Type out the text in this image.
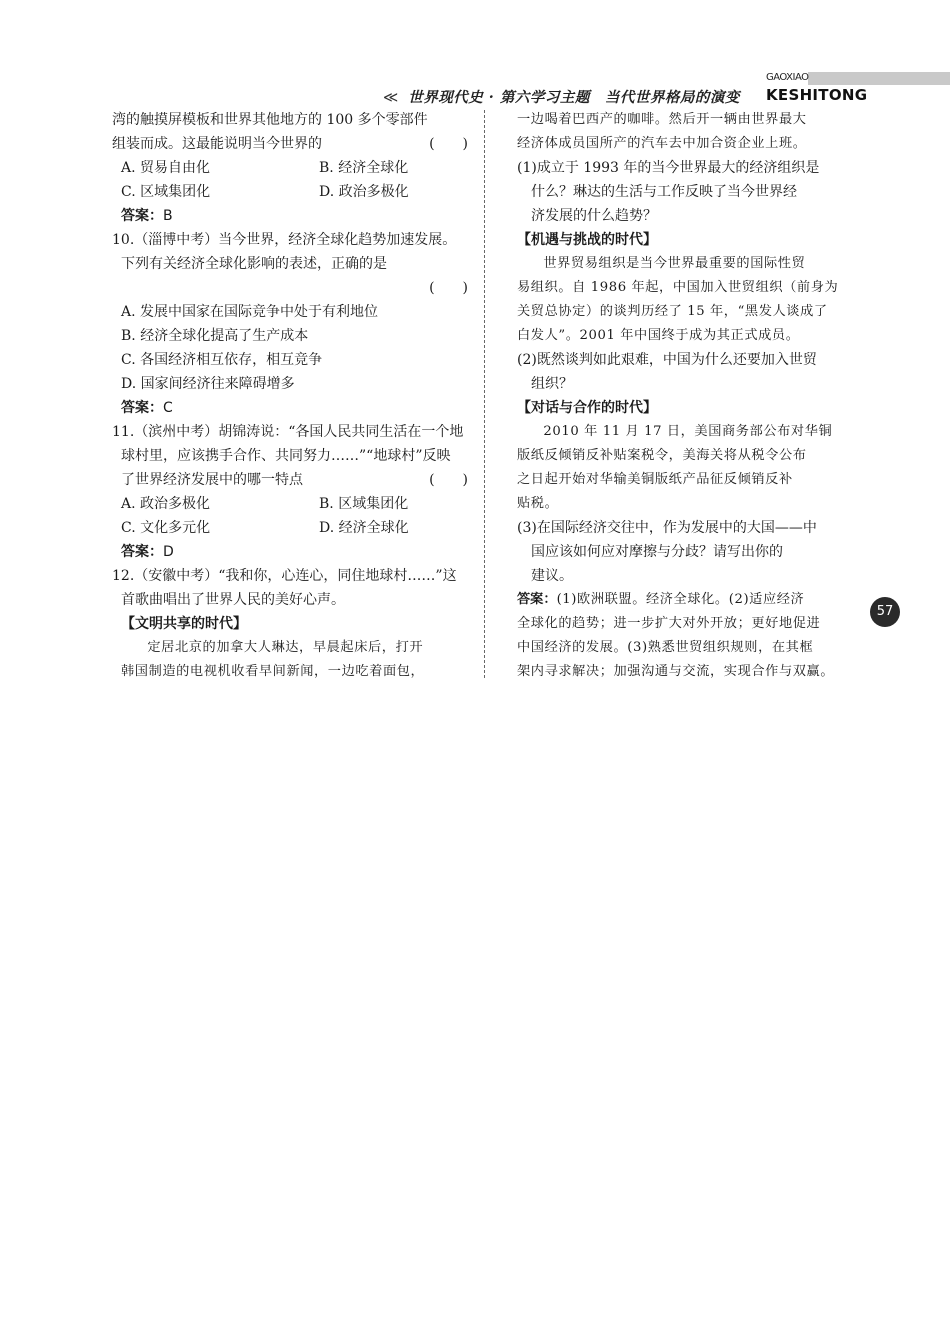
≪ 世界现代史 · 第六学习主题　当代世界格局的演变
GAOXIAO
KESHITONG
湾的触摸屏模板和世界其他地方的 100 多个零部件
组装而成。这最能说明当今世界的	(　　)
A. 贸易自由化	B. 经济全球化
C. 区域集团化	D. 政治多极化
答案：B
10.（淄博中考）当今世界，经济全球化趋势加速发展。
下列有关经济全球化影响的表述，正确的是
(　　)
A. 发展中国家在国际竞争中处于有利地位
B. 经济全球化提高了生产成本
C. 各国经济相互依存，相互竞争
D. 国家间经济往来障碍增多
答案：C
11.（滨州中考）胡锦涛说：“各国人民共同生活在一个地
球村里，应该携手合作、共同努力……”“地球村”反映
了世界经济发展中的哪一特点	(　　)
A. 政治多极化	B. 区域集团化
C. 文化多元化	D. 经济全球化
答案：D
12.（安徽中考）“我和你，心连心，同住地球村……”这
首歌曲唱出了世界人民的美好心声。
【文明共享的时代】
定居北京的加拿大人琳达，早晨起床后，打开
韩国制造的电视机收看早间新闻，一边吃着面包，
一边喝着巴西产的咖啡。然后开一辆由世界最大
经济体成员国所产的汽车去中加合资企业上班。
(1)成立于 1993 年的当今世界最大的经济组织是
什么？琳达的生活与工作反映了当今世界经
济发展的什么趋势？
【机遇与挑战的时代】
世界贸易组织是当今世界最重要的国际性贸
易组织。自 1986 年起，中国加入世贸组织（前身为
关贸总协定）的谈判历经了 15 年，“黑发人谈成了
白发人”。2001 年中国终于成为其正式成员。
(2)既然谈判如此艰难，中国为什么还要加入世贸
组织？
【对话与合作的时代】
2010 年 11 月 17 日，美国商务部公布对华铜
版纸反倾销反补贴案税令，美海关将从税令公布
之日起开始对华输美铜版纸产品征反倾销反补
贴税。
(3)在国际经济交往中，作为发展中的大国——中
国应该如何应对摩擦与分歧？请写出你的
建议。
答案：(1)欧洲联盟。经济全球化。(2)适应经济
全球化的趋势；进一步扩大对外开放；更好地促进
中国经济的发展。(3)熟悉世贸组织规则，在其框
架内寻求解决；加强沟通与交流，实现合作与双赢。
57
